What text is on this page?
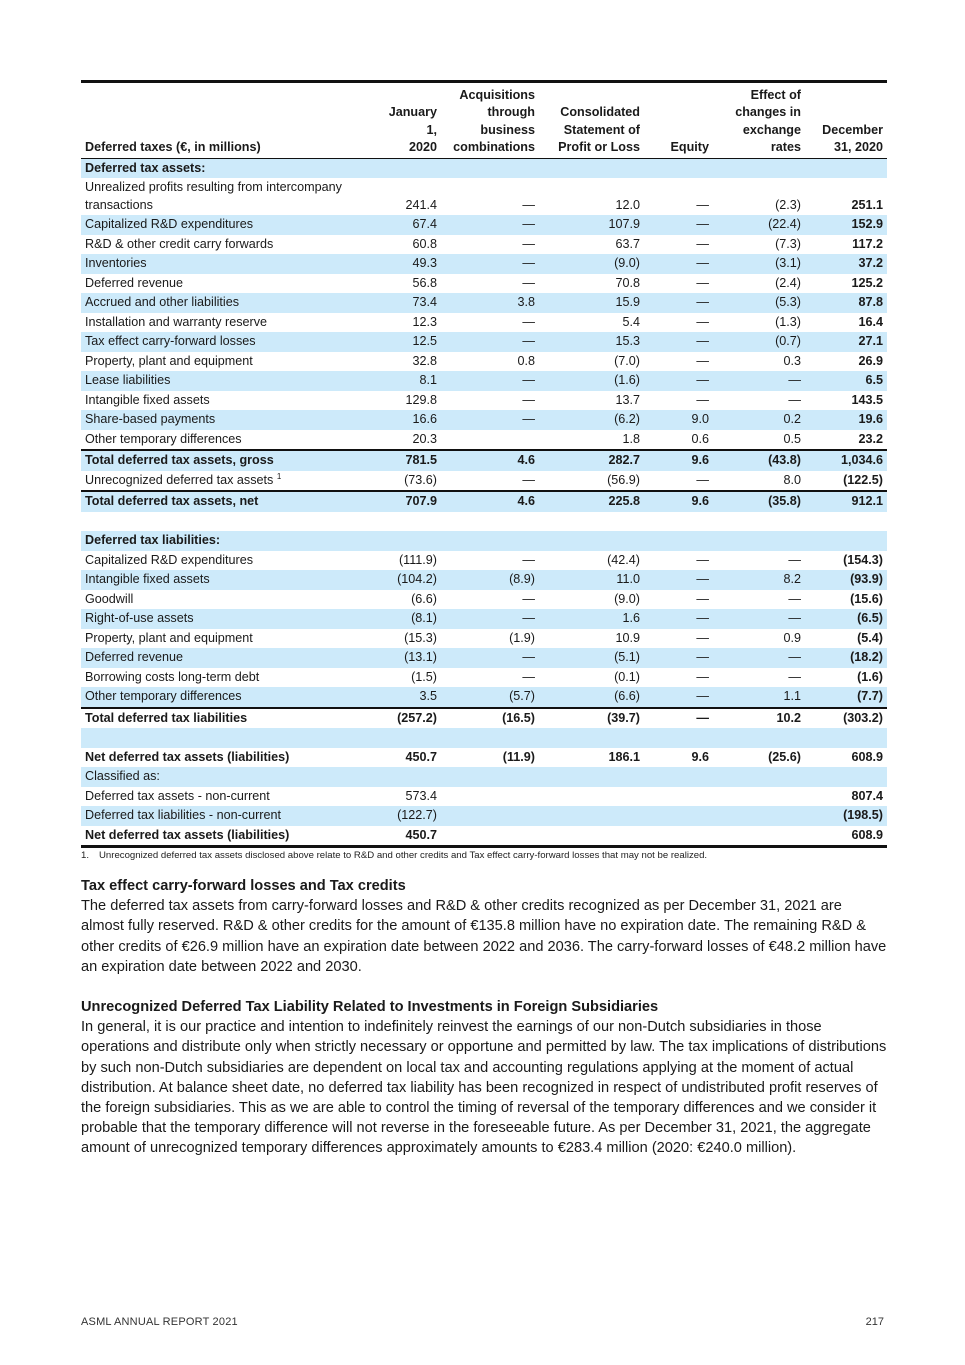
Deferred taxes (€, in millions)	January 1,
2020	Acquisitions
through
business
combinations	Consolidated
Statement of
Profit or Loss	Equity	Effect of
changes in
exchange
rates	December
31, 2020
Deferred tax assets:						
Unrealized profits resulting from intercompany
transactions	241.4	—	12.0	—	(2.3)	251.1
Capitalized R&D expenditures	67.4	—	107.9	—	(22.4)	152.9
R&D & other credit carry forwards	60.8	—	63.7	—	(7.3)	117.2
Inventories	49.3	—	(9.0)	—	(3.1)	37.2
Deferred revenue	56.8	—	70.8	—	(2.4)	125.2
Accrued and other liabilities	73.4	3.8	15.9	—	(5.3)	87.8
Installation and warranty reserve	12.3	—	5.4	—	(1.3)	16.4
Tax effect carry-forward losses	12.5	—	15.3	—	(0.7)	27.1
Property, plant and equipment	32.8	0.8	(7.0)	—	0.3	26.9
Lease liabilities	8.1	—	(1.6)	—	—	6.5
Intangible fixed assets	129.8	—	13.7	—	—	143.5
Share-based payments	16.6	—	(6.2)	9.0	0.2	19.6
Other temporary differences	20.3		1.8	0.6	0.5	23.2
Total deferred tax assets, gross	781.5	4.6	282.7	9.6	(43.8)	1,034.6
Unrecognized deferred tax assets $^1$	(73.6)	—	(56.9)	—	8.0	(122.5)
Total deferred tax assets, net	707.9	4.6	225.8	9.6	(35.8)	912.1

Deferred tax liabilities:						
Capitalized R&D expenditures	(111.9)	—	(42.4)	—	—	(154.3)
Intangible fixed assets	(104.2)	(8.9)	11.0	—	8.2	(93.9)
Goodwill	(6.6)	—	(9.0)	—	—	(15.6)
Right-of-use assets	(8.1)	—	1.6	—	—	(6.5)
Property, plant and equipment	(15.3)	(1.9)	10.9	—	0.9	(5.4)
Deferred revenue	(13.1)	—	(5.1)	—	—	(18.2)
Borrowing costs long-term debt	(1.5)	—	(0.1)	—	—	(1.6)
Other temporary differences	3.5	(5.7)	(6.6)	—	1.1	(7.7)
Total deferred tax liabilities	(257.2)	(16.5)	(39.7)	—	10.2	(303.2)

Net deferred tax assets (liabilities)	450.7	(11.9)	186.1	9.6	(25.6)	608.9
Classified as:						
Deferred tax assets - non-current	573.4					807.4
Deferred tax liabilities - non-current	(122.7)					(198.5)
Net deferred tax assets (liabilities)	450.7					608.9
1. Unrecognized deferred tax assets disclosed above relate to R&D and other credits and Tax effect carry-forward losses that may not be realized.
Tax effect carry-forward losses and Tax credits

The deferred tax assets from carry-forward losses and R&D & other credits recognized as per December 31, 2021 are almost fully reserved. R&D & other credits for the amount of €135.8 million have no expiration date. The remaining R&D & other credits of €26.9 million have an expiration date between 2022 and 2036. The carry-forward losses of €48.2 million have an expiration date between 2022 and 2030.

Unrecognized Deferred Tax Liability Related to Investments in Foreign Subsidiaries

In general, it is our practice and intention to indefinitely reinvest the earnings of our non-Dutch subsidiaries in those operations and distribute only when strictly necessary or opportune and permitted by law. The tax implications of distributions by such non-Dutch subsidiaries are dependent on local tax and accounting regulations applying at the moment of actual distribution. At balance sheet date, no deferred tax liability has been recognized in respect of undistributed profit reserves of the foreign subsidiaries. This as we are able to control the timing of reversal of the temporary differences and we consider it probable that the temporary difference will not reverse in the foreseeable future. As per December 31, 2021, the aggregate amount of unrecognized temporary differences approximately amounts to €283.4 million (2020: €240.0 million).

ASML ANNUAL REPORT 2021	217
